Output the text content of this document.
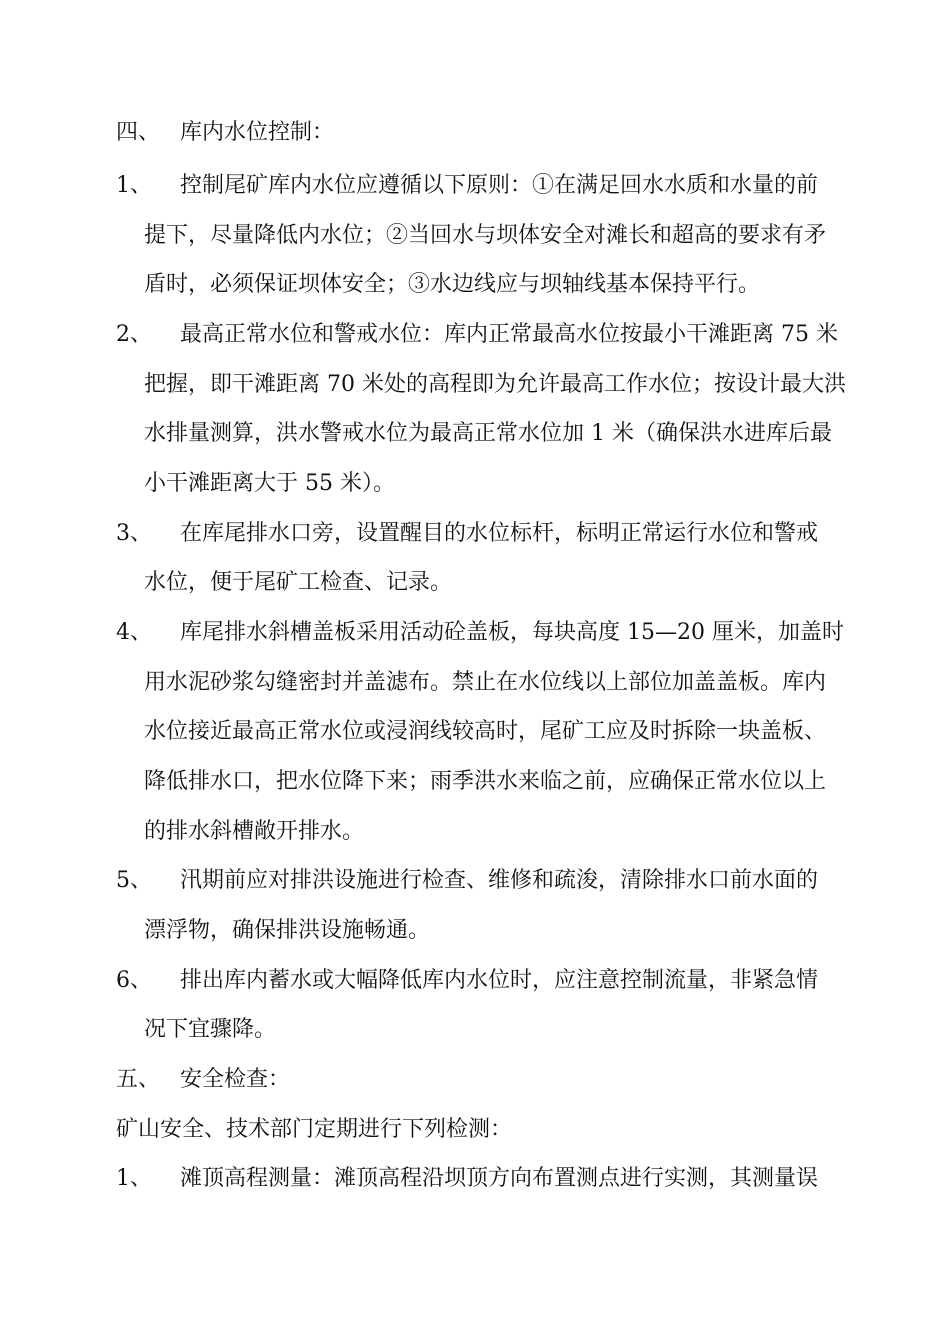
四、 库内水位控制：
1、 控制尾矿库内水位应遵循以下原则：①在满足回水水质和水量的前
提下，尽量降低内水位；②当回水与坝体安全对滩长和超高的要求有矛
盾时，必须保证坝体安全；③水边线应与坝轴线基本保持平行。
2、 最高正常水位和警戒水位：库内正常最高水位按最小干滩距离 75 米
把握，即干滩距离 70 米处的高程即为允许最高工作水位；按设计最大洪
水排量测算，洪水警戒水位为最高正常水位加 1 米（确保洪水进库后最
小干滩距离大于 55 米）。
3、 在库尾排水口旁，设置醒目的水位标杆，标明正常运行水位和警戒
水位，便于尾矿工检查、记录。
4、 库尾排水斜槽盖板采用活动砼盖板，每块高度 15—20 厘米，加盖时
用水泥砂浆勾缝密封并盖滤布。禁止在水位线以上部位加盖盖板。库内
水位接近最高正常水位或浸润线较高时，尾矿工应及时拆除一块盖板、
降低排水口，把水位降下来；雨季洪水来临之前，应确保正常水位以上
的排水斜槽敞开排水。
5、 汛期前应对排洪设施进行检查、维修和疏浚，清除排水口前水面的
漂浮物，确保排洪设施畅通。
6、 排出库内蓄水或大幅降低库内水位时，应注意控制流量，非紧急情
况下宜骤降。
五、 安全检查：
矿山安全、技术部门定期进行下列检测：
1、 滩顶高程测量：滩顶高程沿坝顶方向布置测点进行实测，其测量误
